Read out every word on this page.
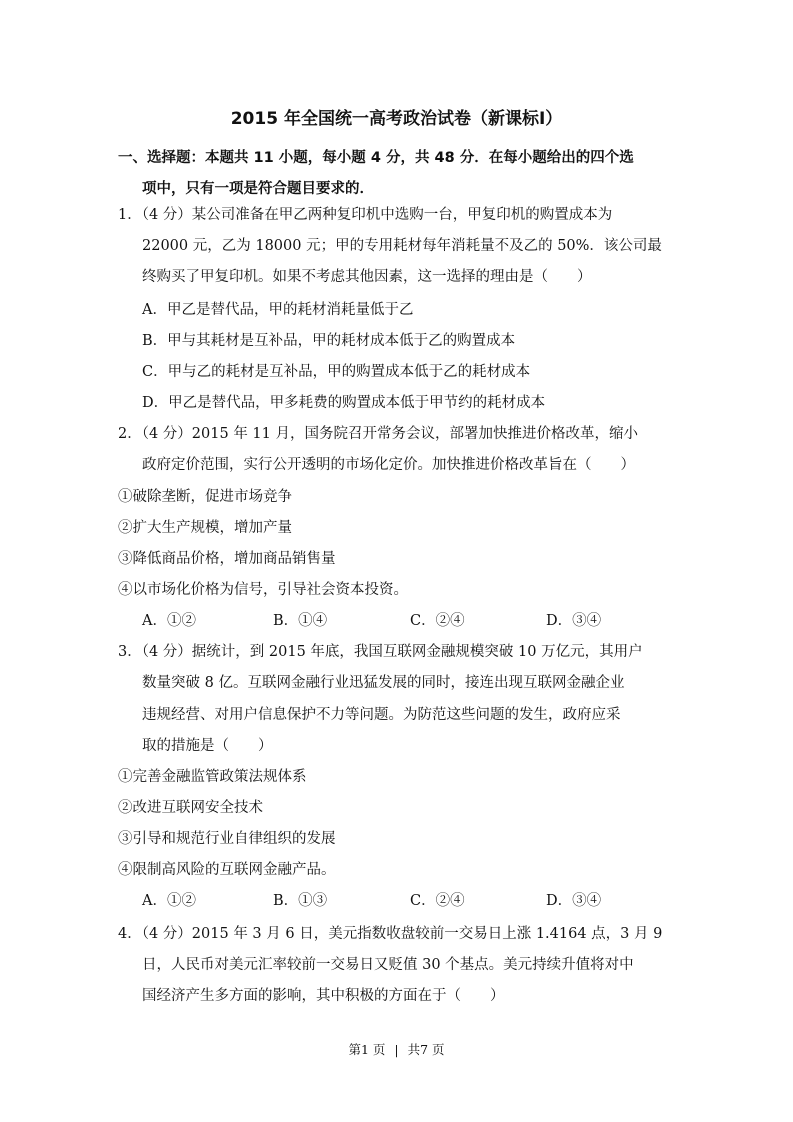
2015 年全国统一高考政治试卷（新课标Ⅰ）
一、选择题：本题共 11 小题，每小题 4 分，共 48 分．在每小题给出的四个选
项中，只有一项是符合题目要求的．
1．（4 分）某公司准备在甲乙两种复印机中选购一台，甲复印机的购置成本为
22000 元，乙为 18000 元；甲的专用耗材每年消耗量不及乙的 50%．该公司最
终购买了甲复印机。如果不考虑其他因素，这一选择的理由是（　　）
A．甲乙是替代品，甲的耗材消耗量低于乙
B．甲与其耗材是互补品，甲的耗材成本低于乙的购置成本
C．甲与乙的耗材是互补品，甲的购置成本低于乙的耗材成本
D．甲乙是替代品，甲多耗费的购置成本低于甲节约的耗材成本
2．（4 分）2015 年 11 月，国务院召开常务会议，部署加快推进价格改革，缩小
政府定价范围，实行公开透明的市场化定价。加快推进价格改革旨在（　　）
①破除垄断，促进市场竞争
②扩大生产规模，增加产量
③降低商品价格，增加商品销售量
④以市场化价格为信号，引导社会资本投资。
A．①②	B．①④	C．②④	D．③④
3．（4 分）据统计，到 2015 年底，我国互联网金融规模突破 10 万亿元，其用户
数量突破 8 亿。互联网金融行业迅猛发展的同时，接连出现互联网金融企业
违规经营、对用户信息保护不力等问题。为防范这些问题的发生，政府应采
取的措施是（　　）
①完善金融监管政策法规体系
②改进互联网安全技术
③引导和规范行业自律组织的发展
④限制高风险的互联网金融产品。
A．①②	B．①③	C．②④	D．③④
4．（4 分）2015 年 3 月 6 日，美元指数收盘较前一交易日上涨 1.4164 点，3 月 9
日，人民币对美元汇率较前一交易日又贬值 30 个基点。美元持续升值将对中
国经济产生多方面的影响，其中积极的方面在于（　　）
第1 页 | 共7 页
